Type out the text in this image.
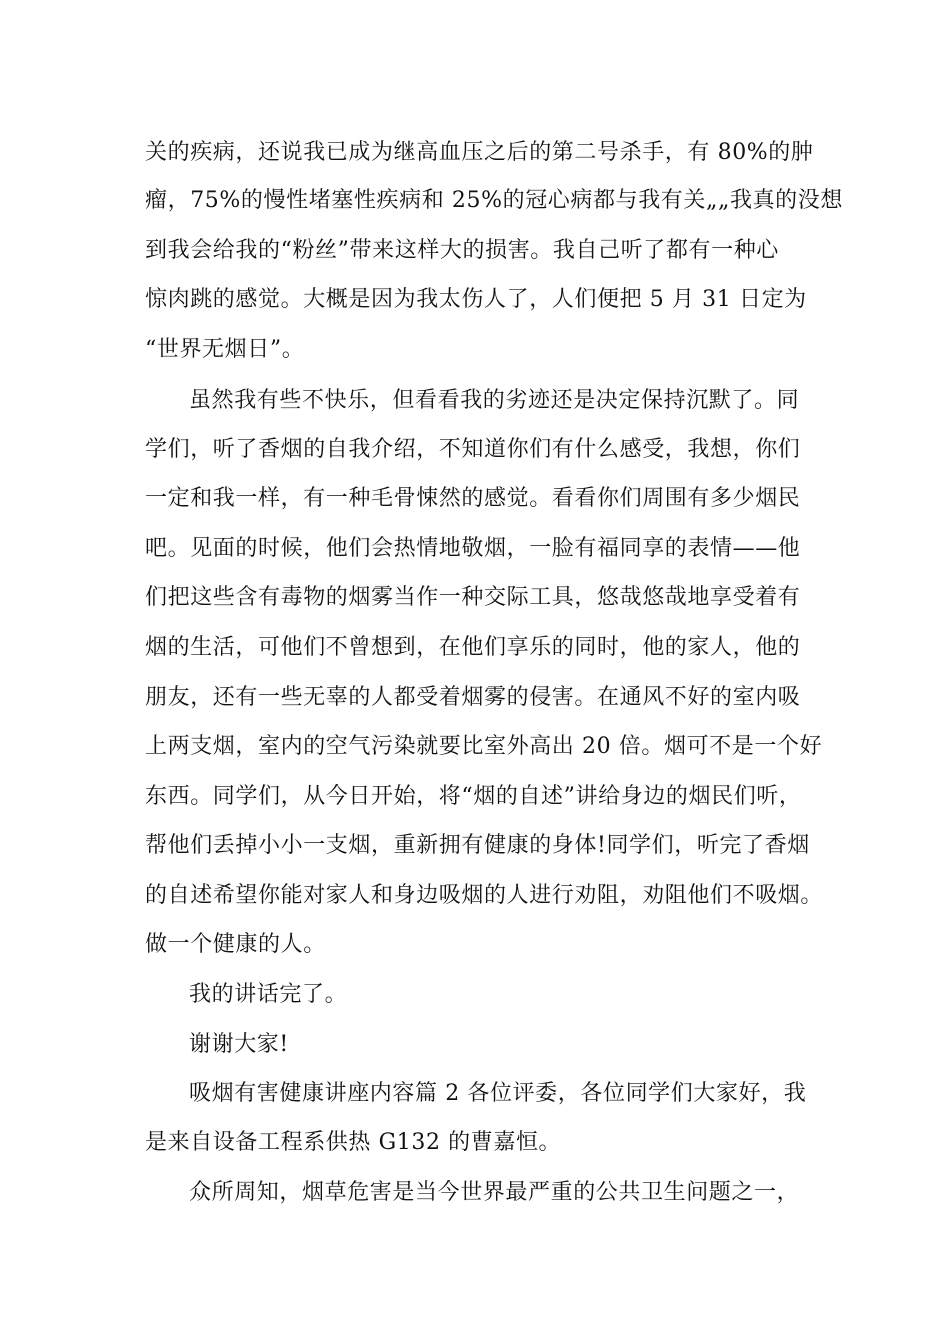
关的疾病，还说我已成为继高血压之后的第二号杀手，有 80%的肿
瘤，75%的慢性堵塞性疾病和 25%的冠心病都与我有关„„我真的没想
到我会给我的“粉丝”带来这样大的损害。我自己听了都有一种心
惊肉跳的感觉。大概是因为我太伤人了，人们便把 5 月 31 日定为
“世界无烟日”。
虽然我有些不快乐，但看看我的劣迹还是决定保持沉默了。同
学们，听了香烟的自我介绍，不知道你们有什么感受，我想，你们
一定和我一样，有一种毛骨悚然的感觉。看看你们周围有多少烟民
吧。见面的时候，他们会热情地敬烟，一脸有福同享的表情——他
们把这些含有毒物的烟雾当作一种交际工具，悠哉悠哉地享受着有
烟的生活，可他们不曾想到，在他们享乐的同时，他的家人，他的
朋友，还有一些无辜的人都受着烟雾的侵害。在通风不好的室内吸
上两支烟，室内的空气污染就要比室外高出 20 倍。烟可不是一个好
东西。同学们，从今日开始，将“烟的自述”讲给身边的烟民们听，
帮他们丢掉小小一支烟，重新拥有健康的身体!同学们，听完了香烟
的自述希望你能对家人和身边吸烟的人进行劝阻，劝阻他们不吸烟。
做一个健康的人。
我的讲话完了。
谢谢大家!
吸烟有害健康讲座内容篇 2 各位评委，各位同学们大家好，我
是来自设备工程系供热 G132 的曹嘉恒。
众所周知，烟草危害是当今世界最严重的公共卫生问题之一，
